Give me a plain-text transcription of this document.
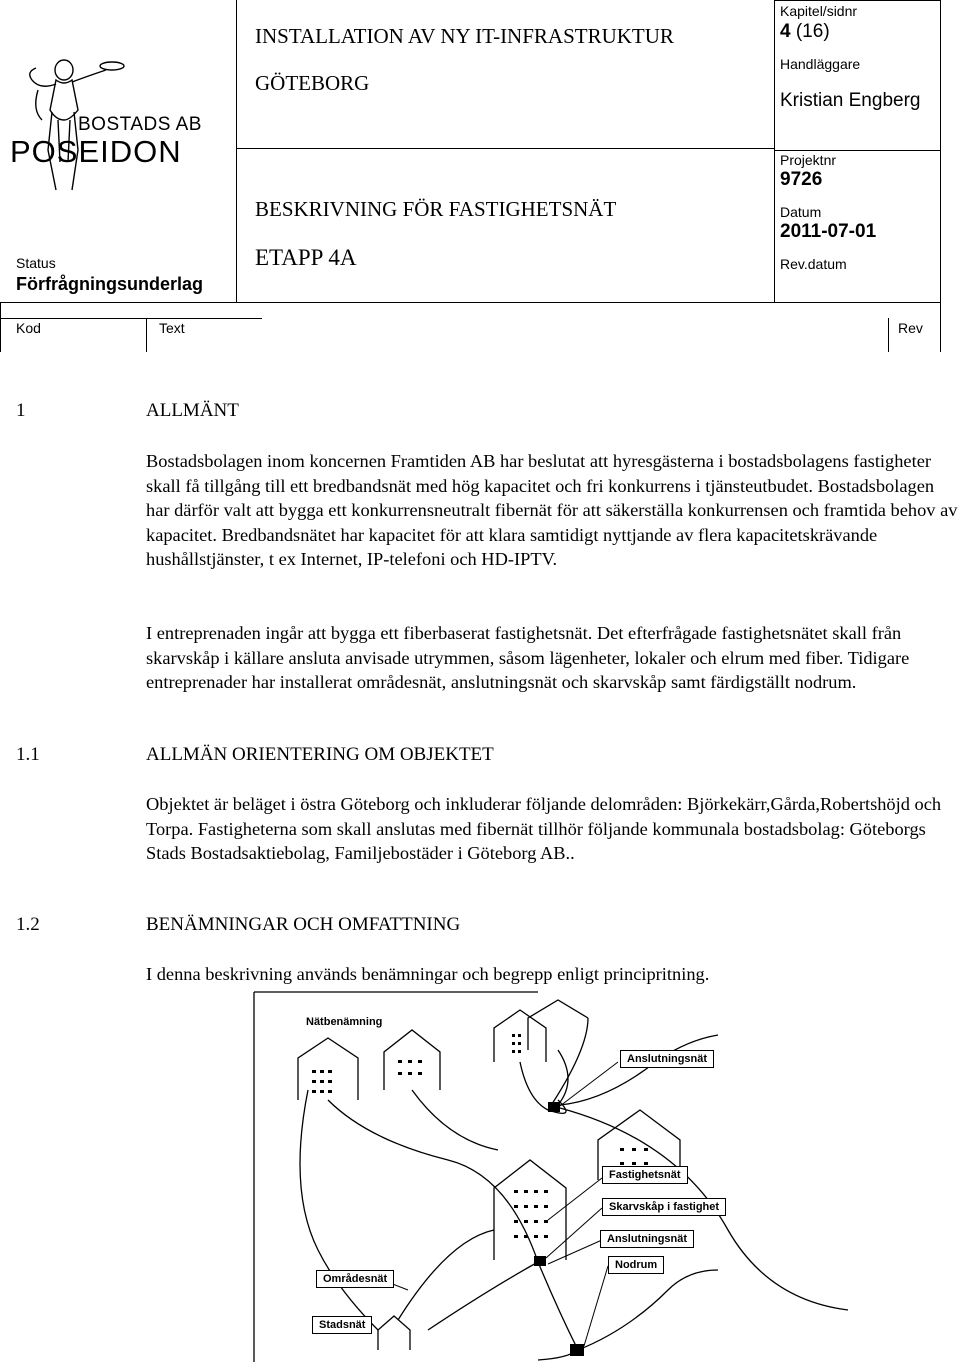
BOSTADS AB
POSEIDON
Status
Förfrågningsunderlag
INSTALLATION AV NY IT-INFRASTRUKTUR
GÖTEBORG
BESKRIVNING FÖR FASTIGHETSNÄT
ETAPP 4A
Kapitel/sidnr
4 (16)
Handläggare
Kristian Engberg
Projektnr
9726
Datum
2011-07-01
Rev.datum
Kod	Text	Rev
1	ALLMÄNT

Bostadsbolagen inom koncernen Framtiden AB har beslutat att hyresgästerna i bostadsbolagens fastigheter skall få tillgång till ett bredbandsnät med hög kapacitet och fri konkurrens i tjänsteutbudet. Bostadsbolagen har därför valt att bygga ett konkurrensneutralt fibernät för att säkerställa konkurrensen och framtida behov av kapacitet. Bredbandsnätet har kapacitet för att klara samtidigt nyttjande av flera kapacitetskrävande hushållstjänster, t ex Internet, IP-telefoni och HD-IPTV.

I entreprenaden ingår att bygga ett fiberbaserat fastighetsnät. Det efterfrågade fastighetsnätet skall från skarvskåp i källare ansluta anvisade utrymmen, såsom lägenheter, lokaler och elrum med fiber. Tidigare entreprenader har installerat områdesnät, anslutningsnät och skarvskåp samt färdigställt nodrum.

1.1	ALLMÄN ORIENTERING OM OBJEKTET

Objektet är beläget i östra Göteborg och inkluderar följande delområden: Björkekärr,Gårda,Robertshöjd och Torpa. Fastigheterna som skall anslutas med fibernät tillhör följande kommunala bostadsbolag: Göteborgs Stads Bostadsaktiebolag, Familjebostäder i Göteborg AB..

1.2	BENÄMNINGAR OCH OMFATTNING

I denna beskrivning används benämningar och begrepp enligt principritning.

Nätbenämning
Anslutningsnät
Fastighetsnät
Skarvskåp i fastighet
Anslutningsnät
Nodrum
Områdesnät
Stadsnät
